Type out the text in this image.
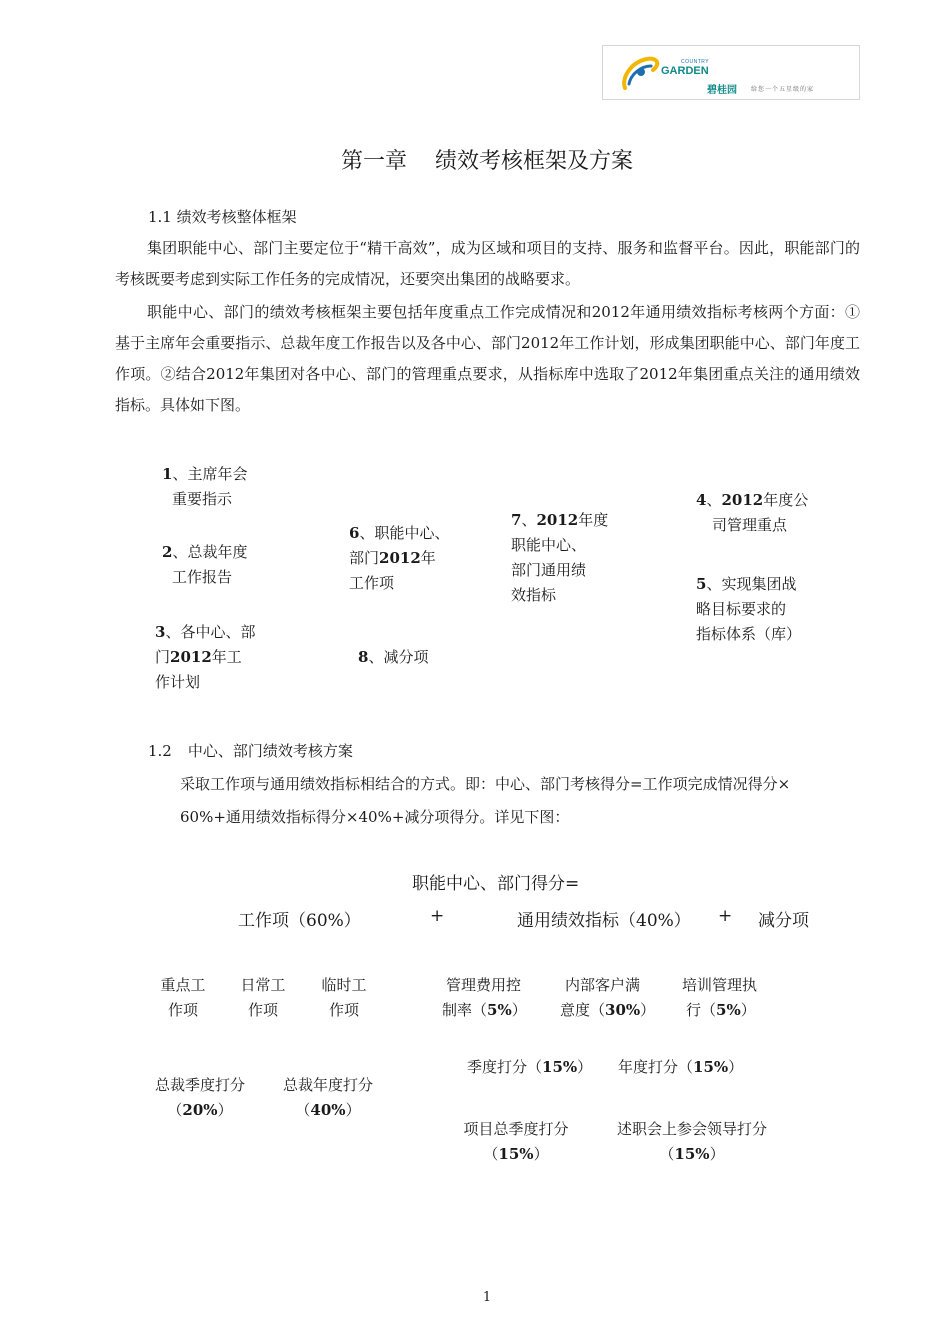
COUNTRY
GARDEN
碧桂园 给您一个五星级的家
第一章 绩效考核框架及方案
1.1 绩效考核整体框架
集团职能中心、部门主要定位于“精干高效”，成为区域和项目的支持、服务和监督平台。因此，职能部门的考核既要考虑到实际工作任务的完成情况，还要突出集团的战略要求。
职能中心、部门的绩效考核框架主要包括年度重点工作完成情况和2012年通用绩效指标考核两个方面：①基于主席年会重要指示、总裁年度工作报告以及各中心、部门2012年工作计划，形成集团职能中心、部门年度工作项。②结合2012年集团对各中心、部门的管理重点要求，从指标库中选取了2012年集团重点关注的通用绩效指标。具体如下图。
1、主席年会
重要指示
2、总裁年度
工作报告
3、各中心、部
门2012年工
作计划
6、职能中心、
部门2012年
工作项
8、减分项
7、2012年度
职能中心、
部门通用绩
效指标
4、2012年度公
司管理重点
5、实现集团战
略目标要求的
指标体系（库）
1.2 中心、部门绩效考核方案
采取工作项与通用绩效指标相结合的方式。即：中心、部门考核得分=工作项完成情况得分×
60%+通用绩效指标得分×40%+减分项得分。详见下图：
职能中心、部门得分=
工作项（60%）	+	通用绩效指标（40%） + 减分项
重点工
作项
日常工
作项
临时工
作项
管理费用控
制率（5%）
内部客户满
意度（30%）
培训管理执
行（5%）
季度打分（15%） 年度打分（15%）
总裁季度打分
（20%）
总裁年度打分
（40%）
项目总季度打分
（15%）
述职会上参会领导打分
（15%）
1
